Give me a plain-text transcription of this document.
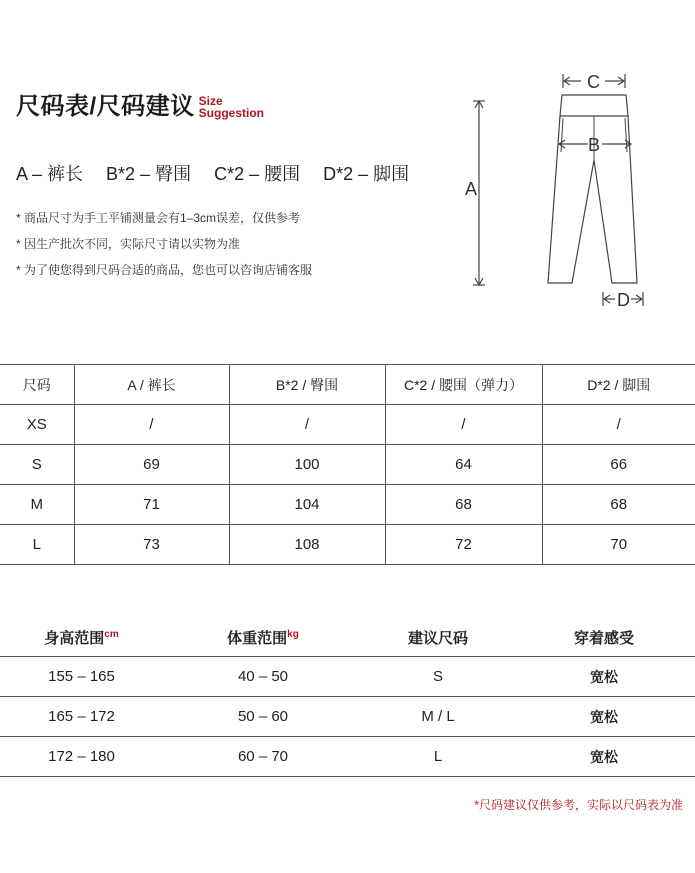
尺码表/尺码建议 Size
Suggestion
A – 裤长 B*2 – 臀围 C*2 – 腰围 D*2 – 脚围
* 商品尺寸为手工平铺测量会有1–3cm误差，仅供参考
* 因生产批次不同，实际尺寸请以实物为准
* 为了使您得到尺码合适的商品，您也可以咨询店铺客服
A
C
B
D
尺码	A / 裤长	B*2 / 臀围	C*2 / 腰围（弹力）	D*2 / 脚围
XS	/	/	/	/
S	69	100	64	66
M	71	104	68	68
L	73	108	72	70
身高范围$^{cm}$	体重范围$^{kg}$	建议尺码	穿着感受
155 – 165	40 – 50	S	宽松
165 – 172	50 – 60	M / L	宽松
172 – 180	60 – 70	L	宽松
*尺码建议仅供参考，实际以尺码表为准
